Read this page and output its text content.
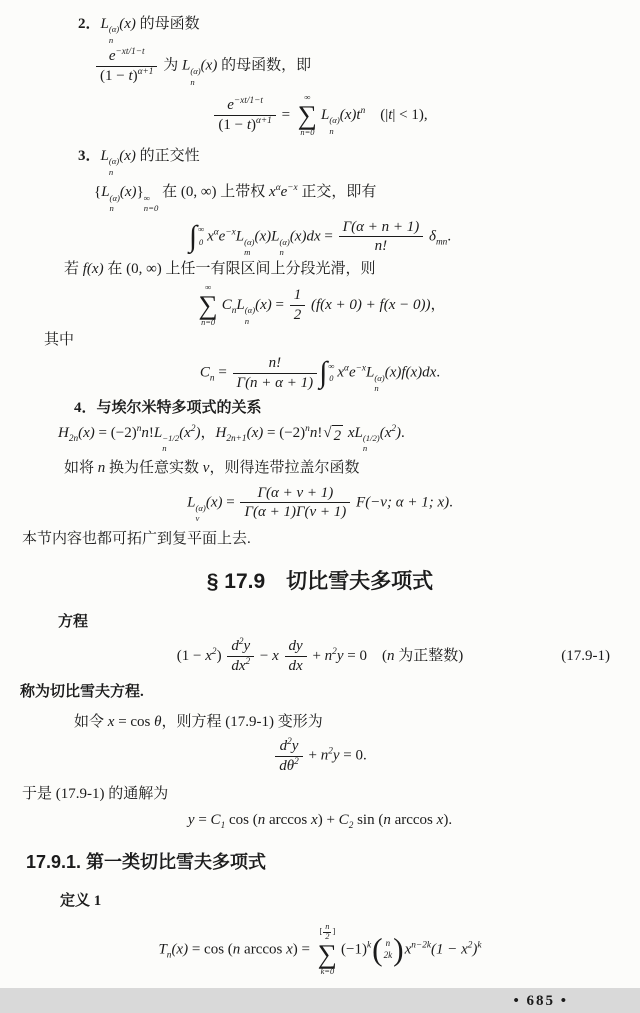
2．L (α)
n
(x) 的母函数
$\frac{e^{-xt/1-t}}{(1 - t)^{\alpha+1}}$ 为 L (α)
n
(x) 的母函数，即
$\frac{e^{-xt/1-t}}{(1 - t)^{\alpha+1}}$ =
∞
∑
n=0
L (α)
n
$(x)t^n$　(|t| < 1),
3．L (α)
n
(x) 的正交性
{L (α)
n
(x)} ∞
n=0
在 (0, ∞) 上带权 $x^\alpha e^{-x}$ 正交，即有
∫ ∞
0 $x^\alpha e^{-x}L$ (α)
m
(x)L (α)
n
$(x)dx = \frac{\Gamma(\alpha + n + 1)}{n!} \delta_{mn}$.
若 f(x) 在 (0, ∞) 上任一有限区间上分段光滑，则
∞
∑
n=0
$C_nL$ (α)
n
$(x) = \frac{1}{2} (f(x + 0) + f(x - 0))$，
其中
$C_n = \frac{n!}{\Gamma(n + \alpha + 1)}$ ∫ ∞
0 $x^\alpha e^{-x}L$ (α)
n
(x)f(x)dx.
4．与埃尔米特多项式的关系
$H_{2n}(x) = (-2)^nn!L -1/2$
n
$(x^2)$，$H_{2n+1}(x) = (-2)^nn$! √ 2 xL (1/2)
n
$(x^2)$.
如将 n 换为任意实数 ν，则得连带拉盖尔函数
L (α)
ν
$(x) = \frac{\Gamma(\alpha + \nu + 1)}{\Gamma(\alpha + 1)\Gamma(\nu + 1)} F(-\nu$; α + 1; x).
本节内容也都可拓广到复平面上去.
§ 17.9　切比雪夫多项式
方程
$(1 - x^2) \frac{d^2y}{dx^2} - x \frac{dy}{dx} + n^2y = 0$　(n 为正整数)	(17.9-1)
称为切比雪夫方程.
如令 x = cos θ，则方程 (17.9-1) 变形为
$\frac{d^2y}{d\theta^2} + n^2y = 0$.
于是 (17.9-1) 的通解为
$y = C_1$ cos (n $\arccos x) + C_2$ sin (n arccos x).
17.9.1. 第一类切比雪夫多项式
定义 1
$T_n(x) = \cos (n$ arccos x) =
[ $\frac{n}{2}$ ]
∑
k=0
$(-1)^k$ ( n
2k ) $x^{n-2k}(1 - x^2)^k$
• 685 •
